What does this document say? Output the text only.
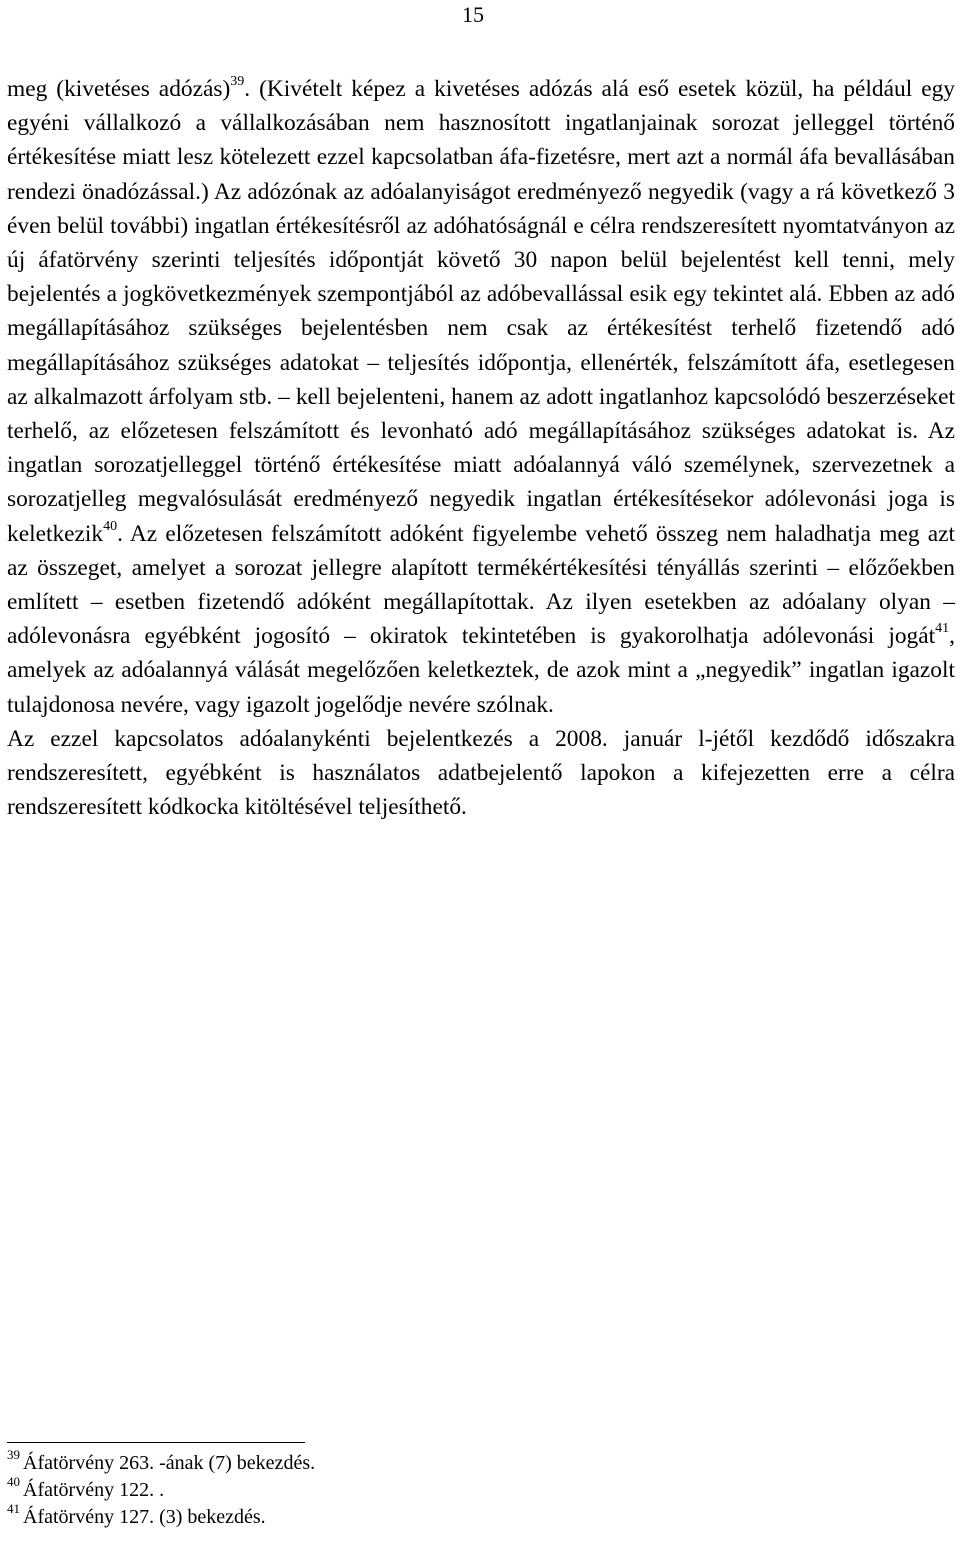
15

meg (kivetéses adózás)$^{39}$. (Kivételt képez a kivetéses adózás alá eső esetek közül, ha például egy egyéni vállalkozó a vállalkozásában nem hasznosított ingatlanjainak sorozat jelleggel történő értékesítése miatt lesz kötelezett ezzel kapcsolatban áfa-fizetésre, mert azt a normál áfa bevallásában rendezi önadózással.) Az adózónak az adóalanyiságot eredményező negyedik (vagy a rá következő 3 éven belül további) ingatlan értékesítésről az adóhatóságnál e célra rendszeresített nyomtatványon az új áfatörvény szerinti teljesítés időpontját követő 30 napon belül bejelentést kell tenni, mely bejelentés a jogkövetkezmények szempontjából az adóbevallással esik egy tekintet alá. Ebben az adó megállapításához szükséges bejelentésben nem csak az értékesítést terhelő fizetendő adó megállapításához szükséges adatokat – teljesítés időpontja, ellenérték, felszámított áfa, esetlegesen az alkalmazott árfolyam stb. – kell bejelenteni, hanem az adott ingatlanhoz kapcsolódó beszerzéseket terhelő, az előzetesen felszámított és levonható adó megállapításához szükséges adatokat is. Az ingatlan sorozatjelleggel történő értékesítése miatt adóalannyá váló személynek, szervezetnek a sorozatjelleg megvalósulását eredményező negyedik ingatlan értékesítésekor adólevonási joga is keletkezik$^{40}$. Az előzetesen felszámított adóként figyelembe vehető összeg nem haladhatja meg azt az összeget, amelyet a sorozat jellegre alapított termékértékesítési tényállás szerinti – előzőekben említett – esetben fizetendő adóként megállapítottak. Az ilyen esetekben az adóalany olyan – adólevonásra egyébként jogosító – okiratok tekintetében is gyakorolhatja adólevonási jogát$^{41}$, amelyek az adóalannyá válását megelőzően keletkeztek, de azok mint a „negyedik” ingatlan igazolt tulajdonosa nevére, vagy igazolt jogelődje nevére szólnak.

Az ezzel kapcsolatos adóalanykénti bejelentkezés a 2008. január l-jétől kezdődő időszakra rendszeresített, egyébként is használatos adatbejelentő lapokon a kifejezetten erre a célra rendszeresített kódkocka kitöltésével teljesíthető.

$^{39}$ Áfatörvény 263. -ának (7) bekezdés.
$^{40}$ Áfatörvény 122. .
$^{41}$ Áfatörvény 127. (3) bekezdés.
